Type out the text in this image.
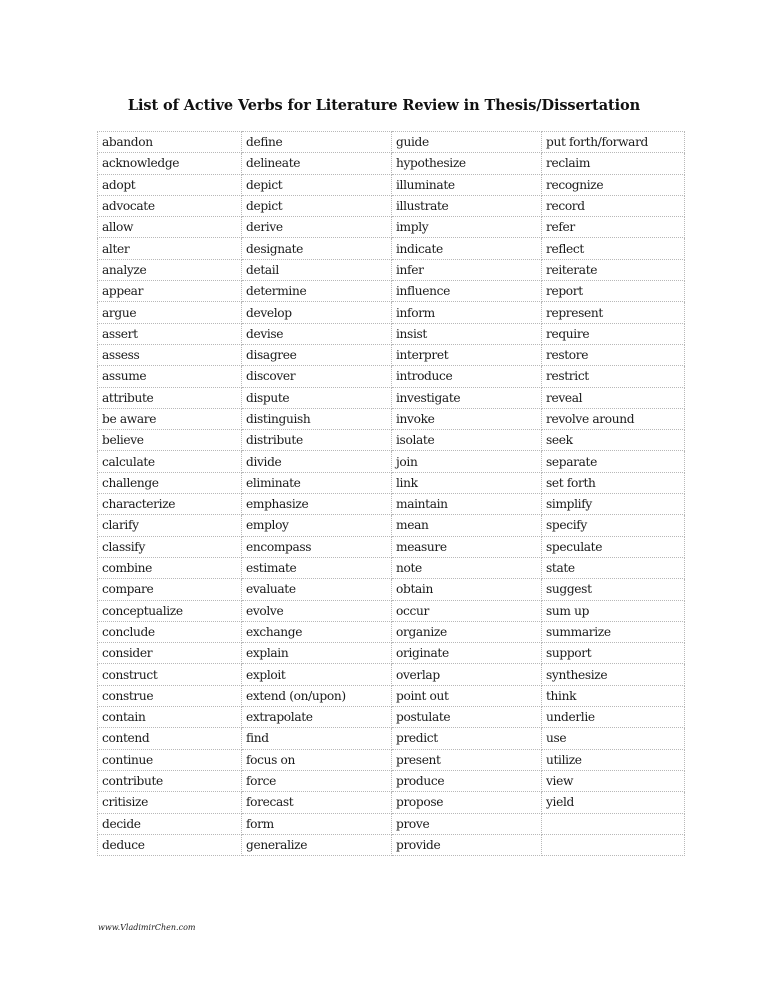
List of Active Verbs for Literature Review in Thesis/Dissertation
abandon	define	guide	put forth/forward
acknowledge	delineate	hypothesize	reclaim
adopt	depict	illuminate	recognize
advocate	depict	illustrate	record
allow	derive	imply	refer
alter	designate	indicate	reflect
analyze	detail	infer	reiterate
appear	determine	influence	report
argue	develop	inform	represent
assert	devise	insist	require
assess	disagree	interpret	restore
assume	discover	introduce	restrict
attribute	dispute	investigate	reveal
be aware	distinguish	invoke	revolve around
believe	distribute	isolate	seek
calculate	divide	join	separate
challenge	eliminate	link	set forth
characterize	emphasize	maintain	simplify
clarify	employ	mean	specify
classify	encompass	measure	speculate
combine	estimate	note	state
compare	evaluate	obtain	suggest
conceptualize	evolve	occur	sum up
conclude	exchange	organize	summarize
consider	explain	originate	support
construct	exploit	overlap	synthesize
construe	extend (on/upon)	point out	think
contain	extrapolate	postulate	underlie
contend	find	predict	use
continue	focus on	present	utilize
contribute	force	produce	view
critisize	forecast	propose	yield
decide	form	prove	
deduce	generalize	provide	
www.VladimirChen.com
